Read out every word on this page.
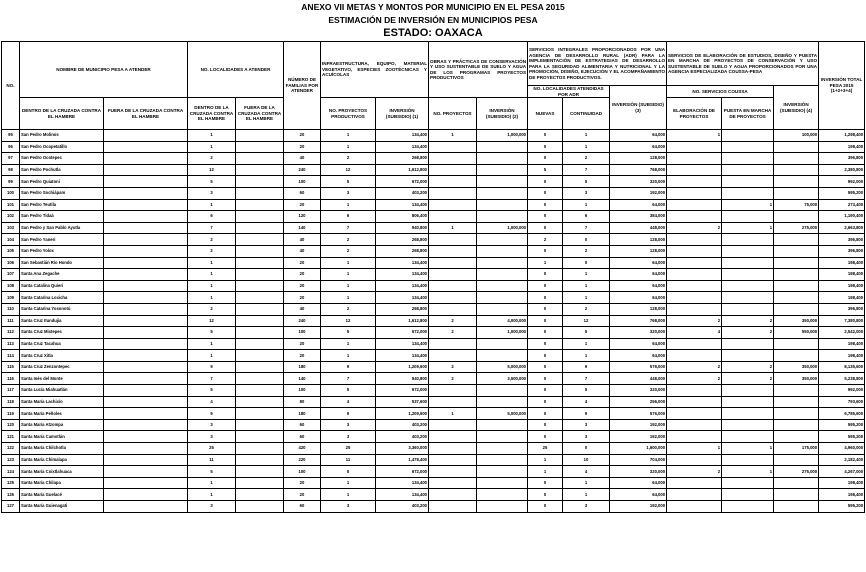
ANEXO VII METAS Y MONTOS POR MUNICIPIO EN EL PESA 2015
ESTIMACIÓN DE INVERSIÓN EN MUNICIPIOS PESA
ESTADO: OAXACA
NO.	NOMBRE DE MUNICIPIO PESA A ATENDER		NO. LOCALIDADES A ATENDER		NÚMERO DE FAMILIAS POR ATENDER	INFRAESTRUCTURA, EQUIPO, MATERIAL VEGETATIVO, ESPECIES ZOOTÉCNICAS Y ACUÍCOLAS		OBRAS Y PRÁCTICAS DE CONSERVACIÓN Y USO SUSTENTABLE DE SUELO Y AGUA DE LOS PROGRAMAS PROYECTOS PRODUCTIVOS		SERVICIOS INTEGRALES PROPORCIONADOS POR UNA AGENCIA DE DESARROLLO RURAL (ADR) PARA LA IMPLEMENTACIÓN DE ESTRATEGIAS DE DESARROLLO PARA LA SEGURIDAD ALIMENTARIA Y NUTRICIONAL Y LA PROMOCIÓN, DISEÑO, EJECUCIÓN Y EL ACOMPAÑAMIENTO DE PROYECTOS PRODUCTIVOS.			SERVICIOS DE ELABORACIÓN DE ESTUDIOS, DISEÑO Y PUESTA EN MARCHA DE PROYECTOS DE CONSERVACIÓN Y USO SUSTENTABLE DE SUELO Y AGUA PROPORCIONADOS POR UNA AGENCIA ESPECIALIZADA COUSSA-PESA			INVERSIÓN TOTAL PESA 2015 (1+2+3+4)
										NO. LOCALIDADES ATENDIDAS POR ADR		INVERSIÓN (SUBSIDIO) (3)	NO. SERVICIOS COUSSA		INVERSIÓN (SUBSIDIO) (4)	
	DENTRO DE LA CRUZADA CONTRA EL HAMBRE	FUERA DE LA CRUZADA CONTRA EL HAMBRE	DENTRO DE LA CRUZADA CONTRA EL HAMBRE	FUERA DE LA CRUZADA CONTRA EL HAMBRE		NO. PROYECTOS PRODUCTIVOS	INVERSIÓN (SUBSIDIO) (1)	NO. PROYECTOS	INVERSIÓN (SUBSIDIO) (2)	NUEVAS	CONTINUIDAD		ELABORACIÓN DE PROYECTOS	PUESTA EN MARCHA DE PROYECTOS		
95	San Pedro Molinos		1		20	1	134,400	1	1,000,000	0	1	64,000	1		100,000	1,298,400
96	San Pedro Ocopetatillo		1		20	1	134,400			0	1	64,000				198,400
97	San Pedro Ocotepec		2		40	2	268,800			0	2	128,000				396,800
98	San Pedro Pochutla		12		240	12	1,612,800			5	7	768,000				2,380,800
99	San Pedro Quiatoni		5		100	5	672,000			0	5	320,000				992,000
100	San Pedro Sochiápam		3		60	3	403,200			0	3	192,000				595,200
101	San Pedro Teutila		1		20	1	134,400			0	1	64,000		1	75,000	273,400
102	San Pedro Tidaá		6		120	6	806,400			0	6	384,000				1,190,400
103	San Pedro y San Pablo Ayutla		7		140	7	940,800	1	1,000,000	0	7	448,000	2	1	275,000	2,663,800
104	San Pedro Yaneri		2		40	2	268,800			2	0	128,000				396,800
105	San Pedro Yolox		2		40	2	268,800			0	2	128,000				396,800
106	San Sebastián Río Hondo		1		20	1	134,400			1	0	64,000				198,400
107	Santa Ana Zegache		1		20	1	134,400			0	1	64,000				198,400
108	Santa Catalina Quierí		1		20	1	134,400			0	1	64,000				198,400
109	Santa Catarina Loxicha		1		20	1	134,400			0	1	64,000				198,400
110	Santa Catarina Yosonotú		2		40	2	268,800			0	2	128,000				396,800
111	Santa Cruz Itundujia		12		240	12	1,612,800	2	4,000,000	0	12	768,000	2	2	350,000	7,380,800
112	Santa Cruz Mixtepec		5		100	5	672,000	2	1,000,000	0	5	320,000	4	2	550,000	2,542,000
113	Santa Cruz Tacahua		1		20	1	134,400			0	1	64,000				198,400
114	Santa Cruz Xitla		1		20	1	134,400			0	1	64,000				198,400
115	Santa Cruz Zenzontepec		9		180	9	1,209,600	2	5,000,000	0	9	576,000	2	2	350,000	8,135,600
116	Santa Inés del Monte		7		140	7	940,800	2	3,500,000	0	7	448,000	2	2	350,000	5,238,800
117	Santa Lucía Miahuatlán		5		100	5	672,000			0	5	320,000				992,000
118	Santa María Lachixío		4		80	4	537,600			0	4	256,000				793,600
119	Santa María Peñoles		9		180	9	1,209,600	1	5,000,000	0	9	576,000				6,785,600
120	Santa María Atzompa		3		60	3	403,200			0	3	192,000				595,200
121	Santa María Camotlán		3		60	3	403,200			0	3	192,000				595,200
122	Santa María Chilchotla		25		420	25	3,360,000			25	0	1,600,000	1	1	175,000	4,960,000
123	Santa María Chimalapa		11		220	11	1,478,400			1	10	704,000				2,182,400
124	Santa María Coixtlahuaca		5		100	5	672,000			1	4	320,000	2	1	275,000	4,267,000
125	Santa María Chilapa		1		20	1	134,400			0	1	64,000				198,400
126	Santa María Guelacé		1		20	1	134,400			0	1	64,000				198,400
127	Santa María Guienagati		3		60	3	403,200			0	3	192,000				595,200
